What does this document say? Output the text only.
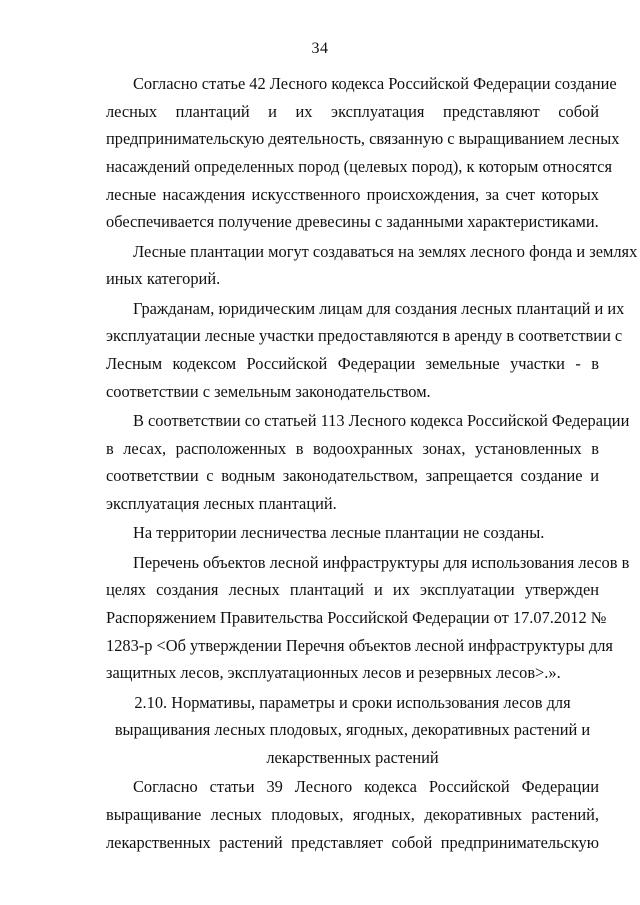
34
Согласно статье 42 Лесного кодекса Российской Федерации создание
лесных плантаций и их эксплуатация представляют собой
предпринимательскую деятельность, связанную с выращиванием лесных
насаждений определенных пород (целевых пород), к которым относятся
лесные насаждения искусственного происхождения, за счет которых
обеспечивается получение древесины с заданными характеристиками.
Лесные плантации могут создаваться на землях лесного фонда и землях
иных категорий.
Гражданам, юридическим лицам для создания лесных плантаций и их
эксплуатации лесные участки предоставляются в аренду в соответствии с
Лесным кодексом Российской Федерации земельные участки - в
соответствии с земельным законодательством.
В соответствии со статьей 113 Лесного кодекса Российской Федерации
в лесах, расположенных в водоохранных зонах, установленных в
соответствии с водным законодательством, запрещается создание и
эксплуатация лесных плантаций.
На территории лесничества лесные плантации не созданы.
Перечень объектов лесной инфраструктуры для использования лесов в
целях создания лесных плантаций и их эксплуатации утвержден
Распоряжением Правительства Российской Федерации от 17.07.2012 №
1283-р <Об утверждении Перечня объектов лесной инфраструктуры для
защитных лесов, эксплуатационных лесов и резервных лесов>.».
2.10. Нормативы, параметры и сроки использования лесов для
выращивания лесных плодовых, ягодных, декоративных растений и
лекарственных растений
Согласно статьи 39 Лесного кодекса Российской Федерации
выращивание лесных плодовых, ягодных, декоративных растений,
лекарственных растений представляет собой предпринимательскую
